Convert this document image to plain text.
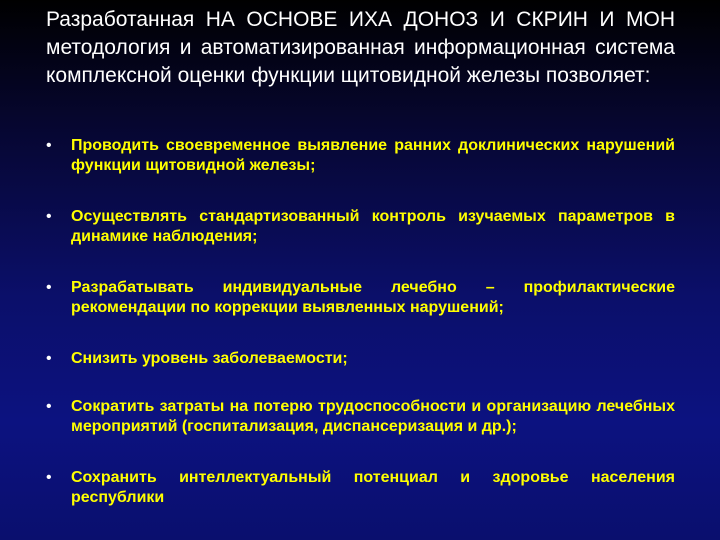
Разработанная НА ОСНОВЕ ИХА ДОНОЗ И СКРИН И МОН методология и автоматизированная информационная система комплексной оценки функции щитовидной железы позволяет:

• Проводить своевременное выявление ранних доклинических нарушений функции щитовидной железы;
• Осуществлять стандартизованный контроль изучаемых параметров в динамике наблюдения;
• Разрабатывать индивидуальные лечебно – профилактические рекомендации по коррекции выявленных нарушений;
• Снизить уровень заболеваемости;
• Сократить затраты на потерю трудоспособности и организацию лечебных мероприятий (госпитализация, диспансеризация и др.);
• Сохранить интеллектуальный потенциал и здоровье населения республики
